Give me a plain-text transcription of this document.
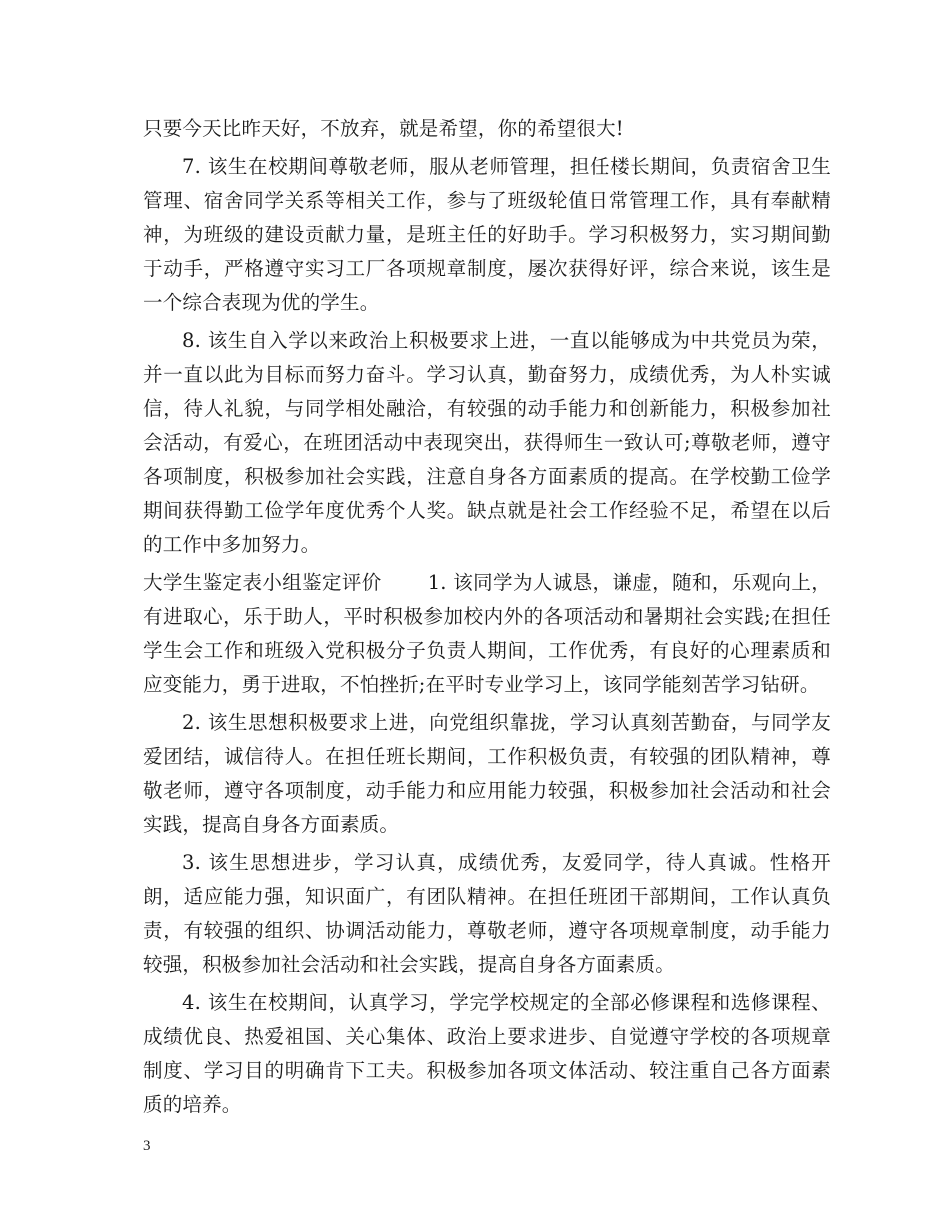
只要今天比昨天好，不放弃，就是希望，你的希望很大!

7. 该生在校期间尊敬老师，服从老师管理，担任楼长期间，负责宿舍卫生管理、宿舍同学关系等相关工作，参与了班级轮值日常管理工作，具有奉献精神，为班级的建设贡献力量，是班主任的好助手。学习积极努力，实习期间勤于动手，严格遵守实习工厂各项规章制度，屡次获得好评，综合来说，该生是一个综合表现为优的学生。

8. 该生自入学以来政治上积极要求上进，一直以能够成为中共党员为荣，并一直以此为目标而努力奋斗。学习认真，勤奋努力，成绩优秀，为人朴实诚信，待人礼貌，与同学相处融洽，有较强的动手能力和创新能力，积极参加社会活动，有爱心，在班团活动中表现突出，获得师生一致认可;尊敬老师，遵守各项制度，积极参加社会实践，注意自身各方面素质的提高。在学校勤工俭学期间获得勤工俭学年度优秀个人奖。缺点就是社会工作经验不足，希望在以后的工作中多加努力。

大学生鉴定表小组鉴定评价 1. 该同学为人诚恳，谦虚，随和，乐观向上，有进取心，乐于助人，平时积极参加校内外的各项活动和暑期社会实践;在担任学生会工作和班级入党积极分子负责人期间，工作优秀，有良好的心理素质和应变能力，勇于进取，不怕挫折;在平时专业学习上，该同学能刻苦学习钻研。

2. 该生思想积极要求上进，向党组织靠拢，学习认真刻苦勤奋，与同学友爱团结，诚信待人。在担任班长期间，工作积极负责，有较强的团队精神，尊敬老师，遵守各项制度，动手能力和应用能力较强，积极参加社会活动和社会实践，提高自身各方面素质。

3. 该生思想进步，学习认真，成绩优秀，友爱同学，待人真诚。性格开朗，适应能力强，知识面广，有团队精神。在担任班团干部期间，工作认真负责，有较强的组织、协调活动能力，尊敬老师，遵守各项规章制度，动手能力较强，积极参加社会活动和社会实践，提高自身各方面素质。

4. 该生在校期间，认真学习，学完学校规定的全部必修课程和选修课程、成绩优良、热爱祖国、关心集体、政治上要求进步、自觉遵守学校的各项规章制度、学习目的明确肯下工夫。积极参加各项文体活动、较注重自己各方面素质的培养。

3
